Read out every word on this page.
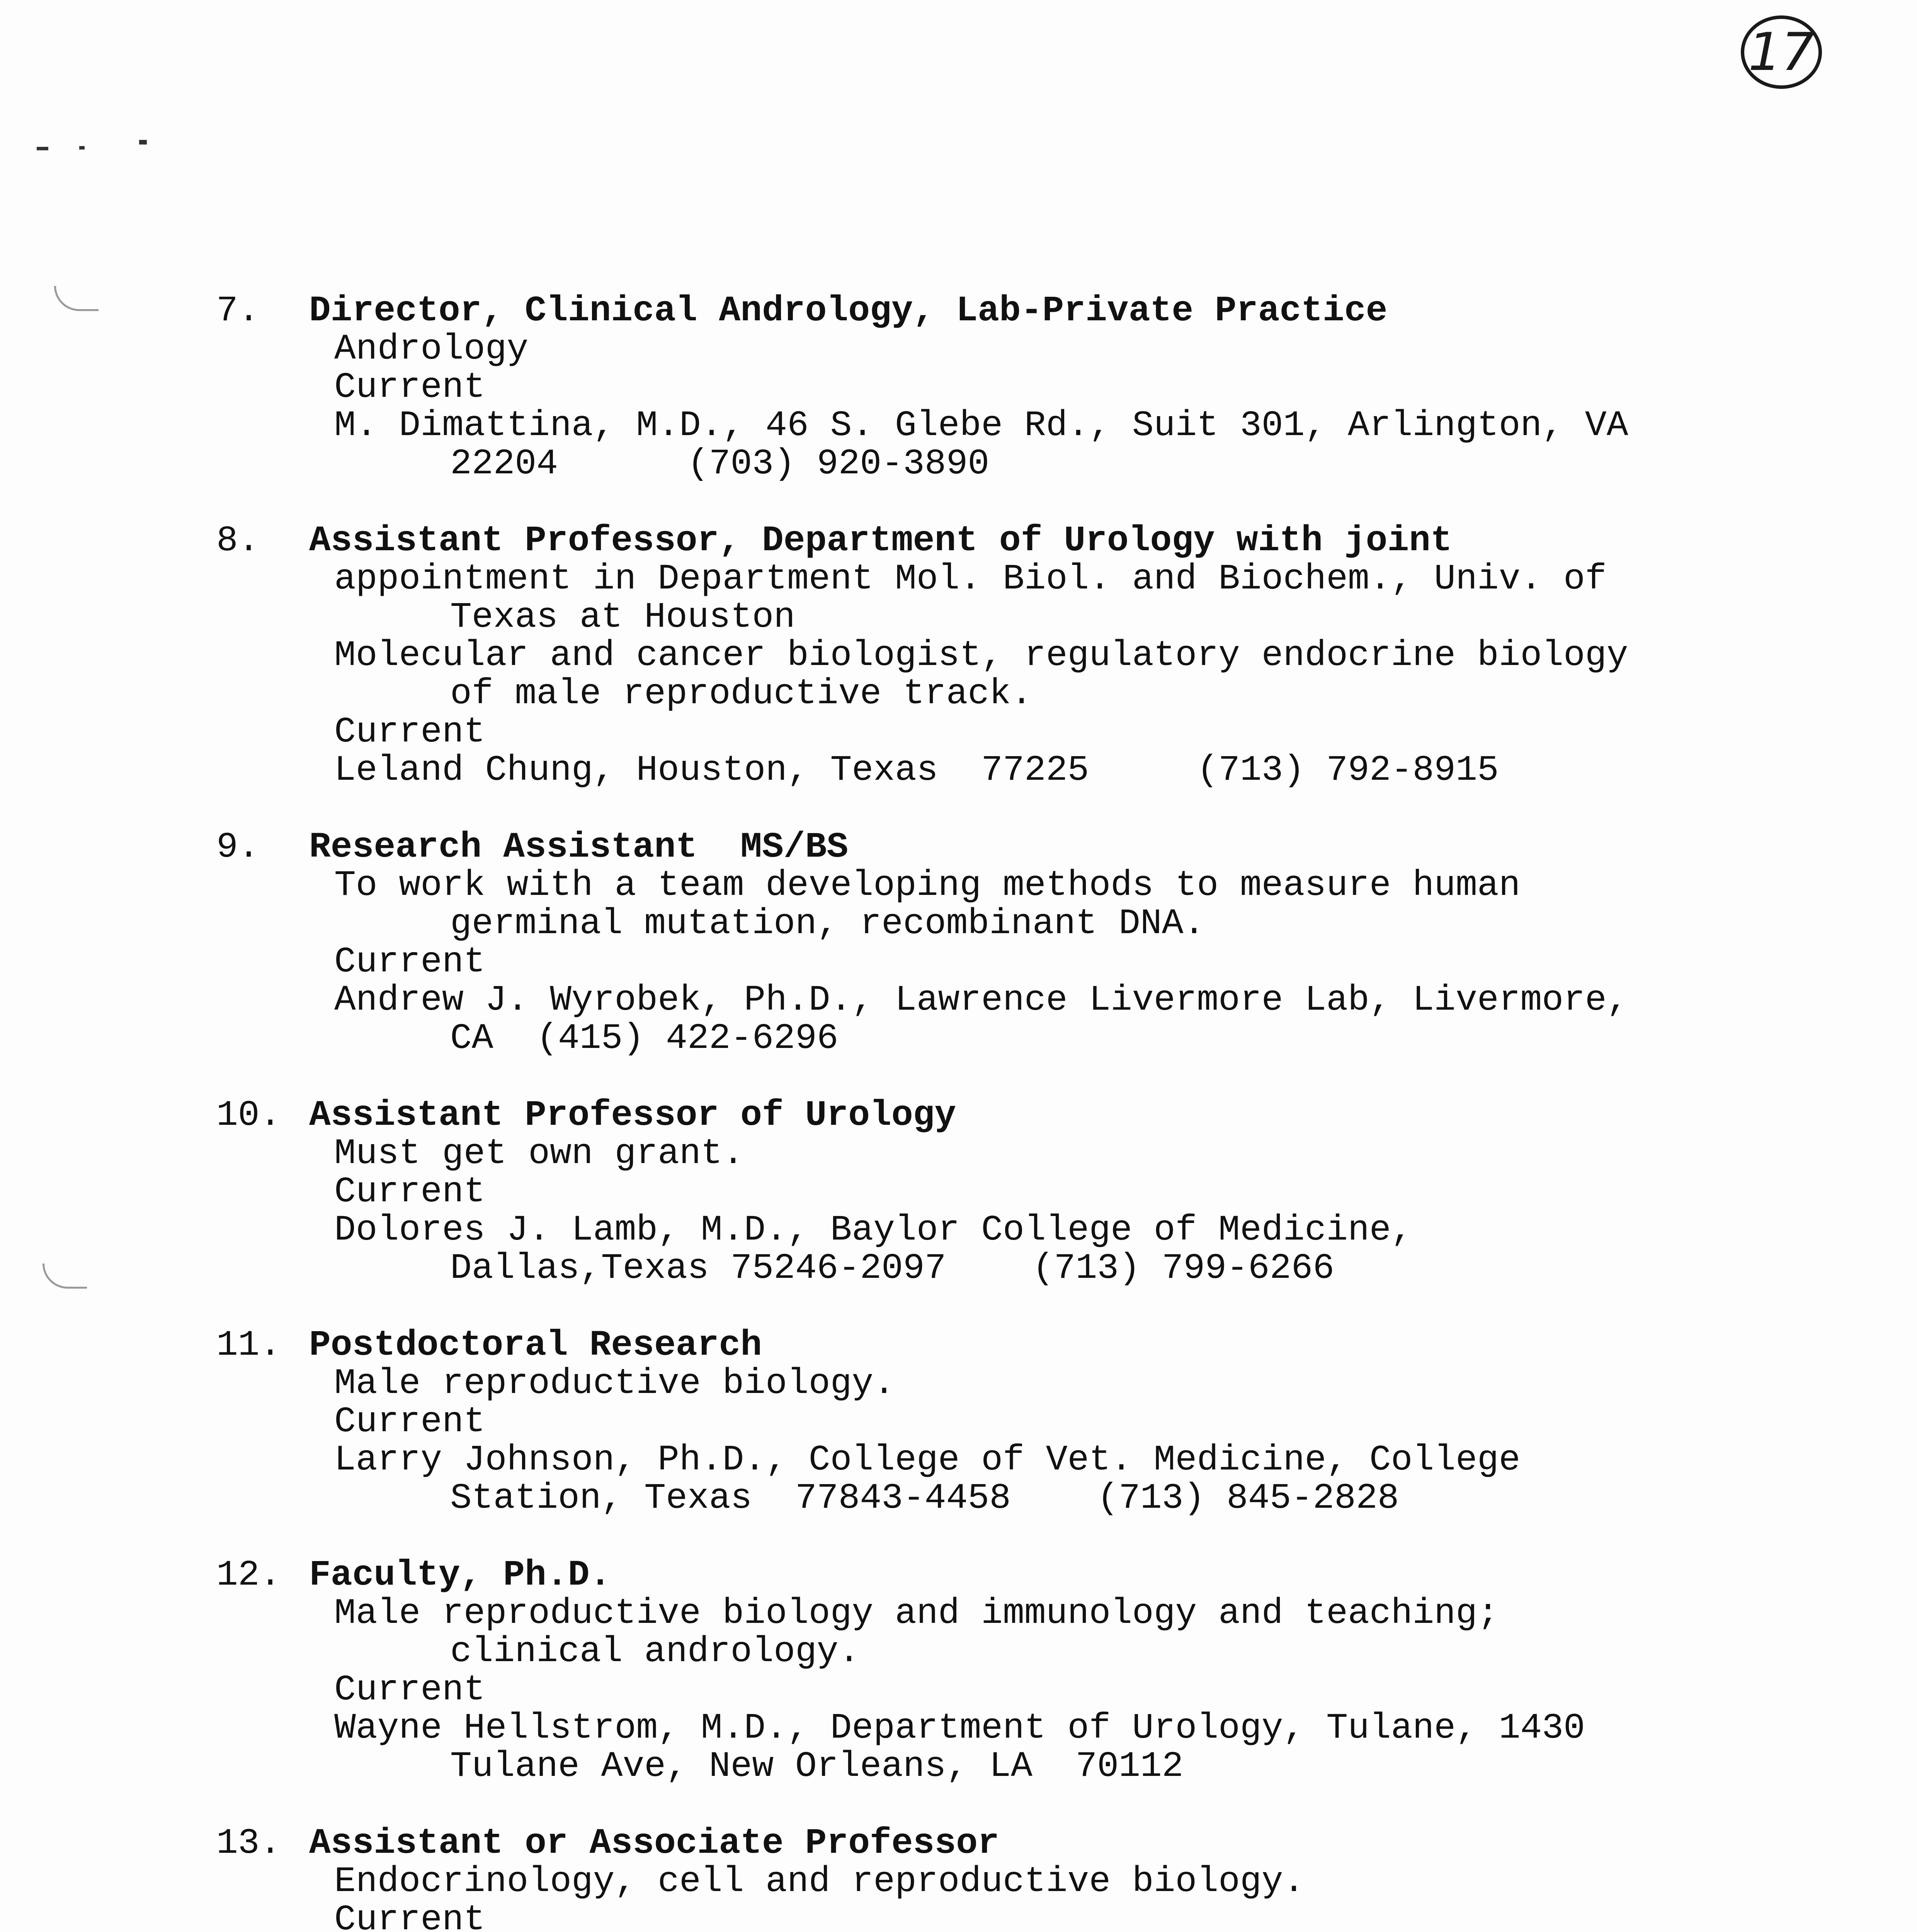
17
7.	Director, Clinical Andrology, Lab-Private Practice
Andrology
Current
M. Dimattina, M.D., 46 S. Glebe Rd., Suit 301, Arlington, VA
22204      (703) 920-3890
8.	Assistant Professor, Department of Urology with joint
appointment in Department Mol. Biol. and Biochem., Univ. of
Texas at Houston
Molecular and cancer biologist, regulatory endocrine biology
of male reproductive track.
Current
Leland Chung, Houston, Texas  77225     (713) 792-8915
9.	Research Assistant  MS/BS
To work with a team developing methods to measure human
germinal mutation, recombinant DNA.
Current
Andrew J. Wyrobek, Ph.D., Lawrence Livermore Lab, Livermore,
CA  (415) 422-6296
10. Assistant Professor of Urology
Must get own grant.
Current
Dolores J. Lamb, M.D., Baylor College of Medicine,
Dallas,Texas 75246-2097    (713) 799-6266
11. Postdoctoral Research
Male reproductive biology.
Current
Larry Johnson, Ph.D., College of Vet. Medicine, College
Station, Texas  77843-4458    (713) 845-2828
12. Faculty, Ph.D.
Male reproductive biology and immunology and teaching;
clinical andrology.
Current
Wayne Hellstrom, M.D., Department of Urology, Tulane, 1430
Tulane Ave, New Orleans, LA  70112
13. Assistant or Associate Professor
Endocrinology, cell and reproductive biology.
Current
